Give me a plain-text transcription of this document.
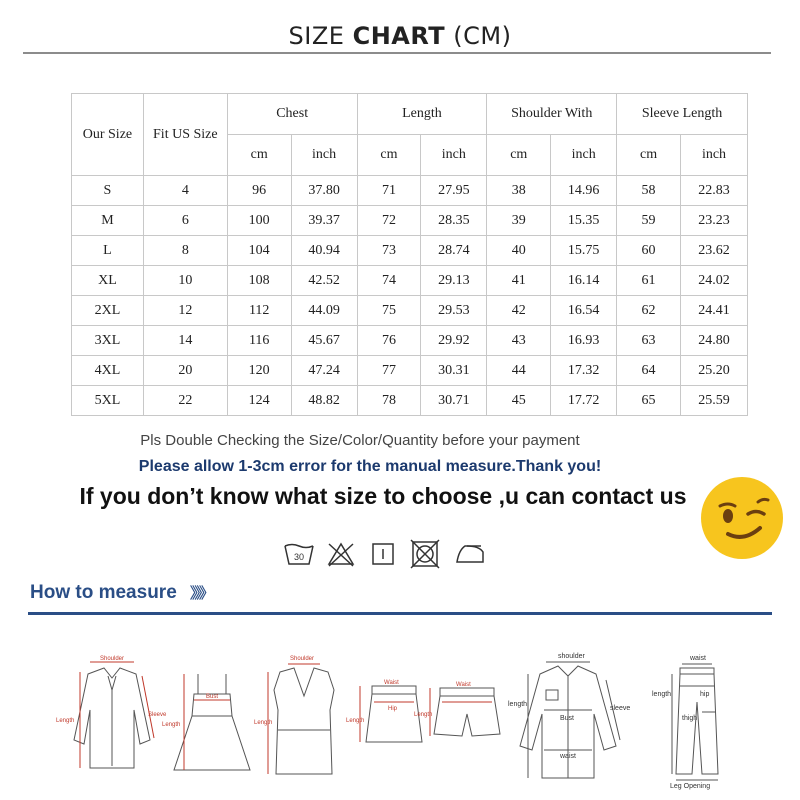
SIZE CHART (CM)
Our Size	Fit US Size	Chest		Length		Shoulder With		Sleeve Length	
		cm	inch	cm	inch	cm	inch	cm	inch
S	4	96	37.80	71	27.95	38	14.96	58	22.83
M	6	100	39.37	72	28.35	39	15.35	59	23.23
L	8	104	40.94	73	28.74	40	15.75	60	23.62
XL	10	108	42.52	74	29.13	41	16.14	61	24.02
2XL	12	112	44.09	75	29.53	42	16.54	62	24.41
3XL	14	116	45.67	76	29.92	43	16.93	63	24.80
4XL	20	120	47.24	77	30.31	44	17.32	64	25.20
5XL	22	124	48.82	78	30.71	45	17.72	65	25.59
Pls Double Checking the Size/Color/Quantity before your payment
Please allow 1-3cm error for the manual measure.Thank you!
If you don’t know what size to choose ,u can contact us
30
How to measure 》》》
Shoulder
Length
Sleeve
Bust
Length
Shoulder
Length
Waist
Hip
Length
Waist
Length
shoulder
length
sleeve
Bust
waist
waist
hip
length
thigh
Leg Opening
